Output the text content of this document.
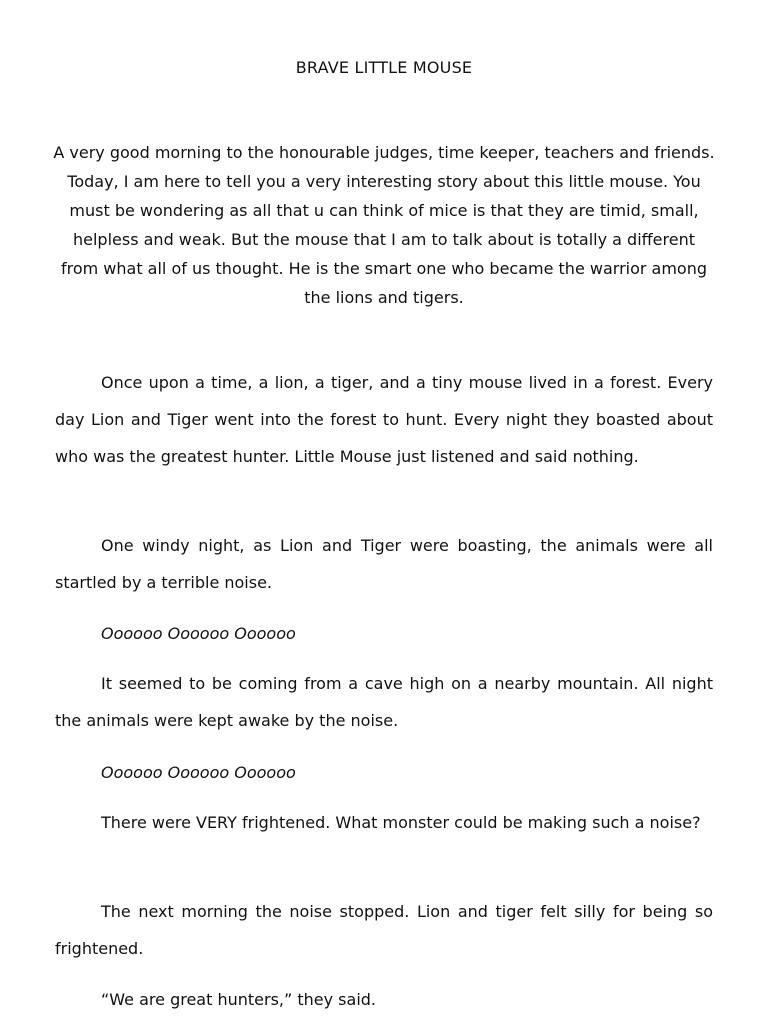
BRAVE LITTLE MOUSE
A very good morning to the honourable judges, time keeper, teachers and friends. Today, I am here to tell you a very interesting story about this little mouse. You must be wondering as all that u can think of mice is that they are timid, small, helpless and weak. But the mouse that I am to talk about is totally a different from what all of us thought. He is the smart one who became the warrior among the lions and tigers.

Once upon a time, a lion, a tiger, and a tiny mouse lived in a forest. Every day Lion and Tiger went into the forest to hunt. Every night they boasted about who was the greatest hunter. Little Mouse just listened and said nothing.

One windy night, as Lion and Tiger were boasting, the animals were all startled by a terrible noise.

Oooooo Oooooo Oooooo

It seemed to be coming from a cave high on a nearby mountain. All night the animals were kept awake by the noise.

Oooooo Oooooo Oooooo

There were VERY frightened. What monster could be making such a noise?

The next morning the noise stopped. Lion and tiger felt silly for being so frightened.

“We are great hunters,” they said.
